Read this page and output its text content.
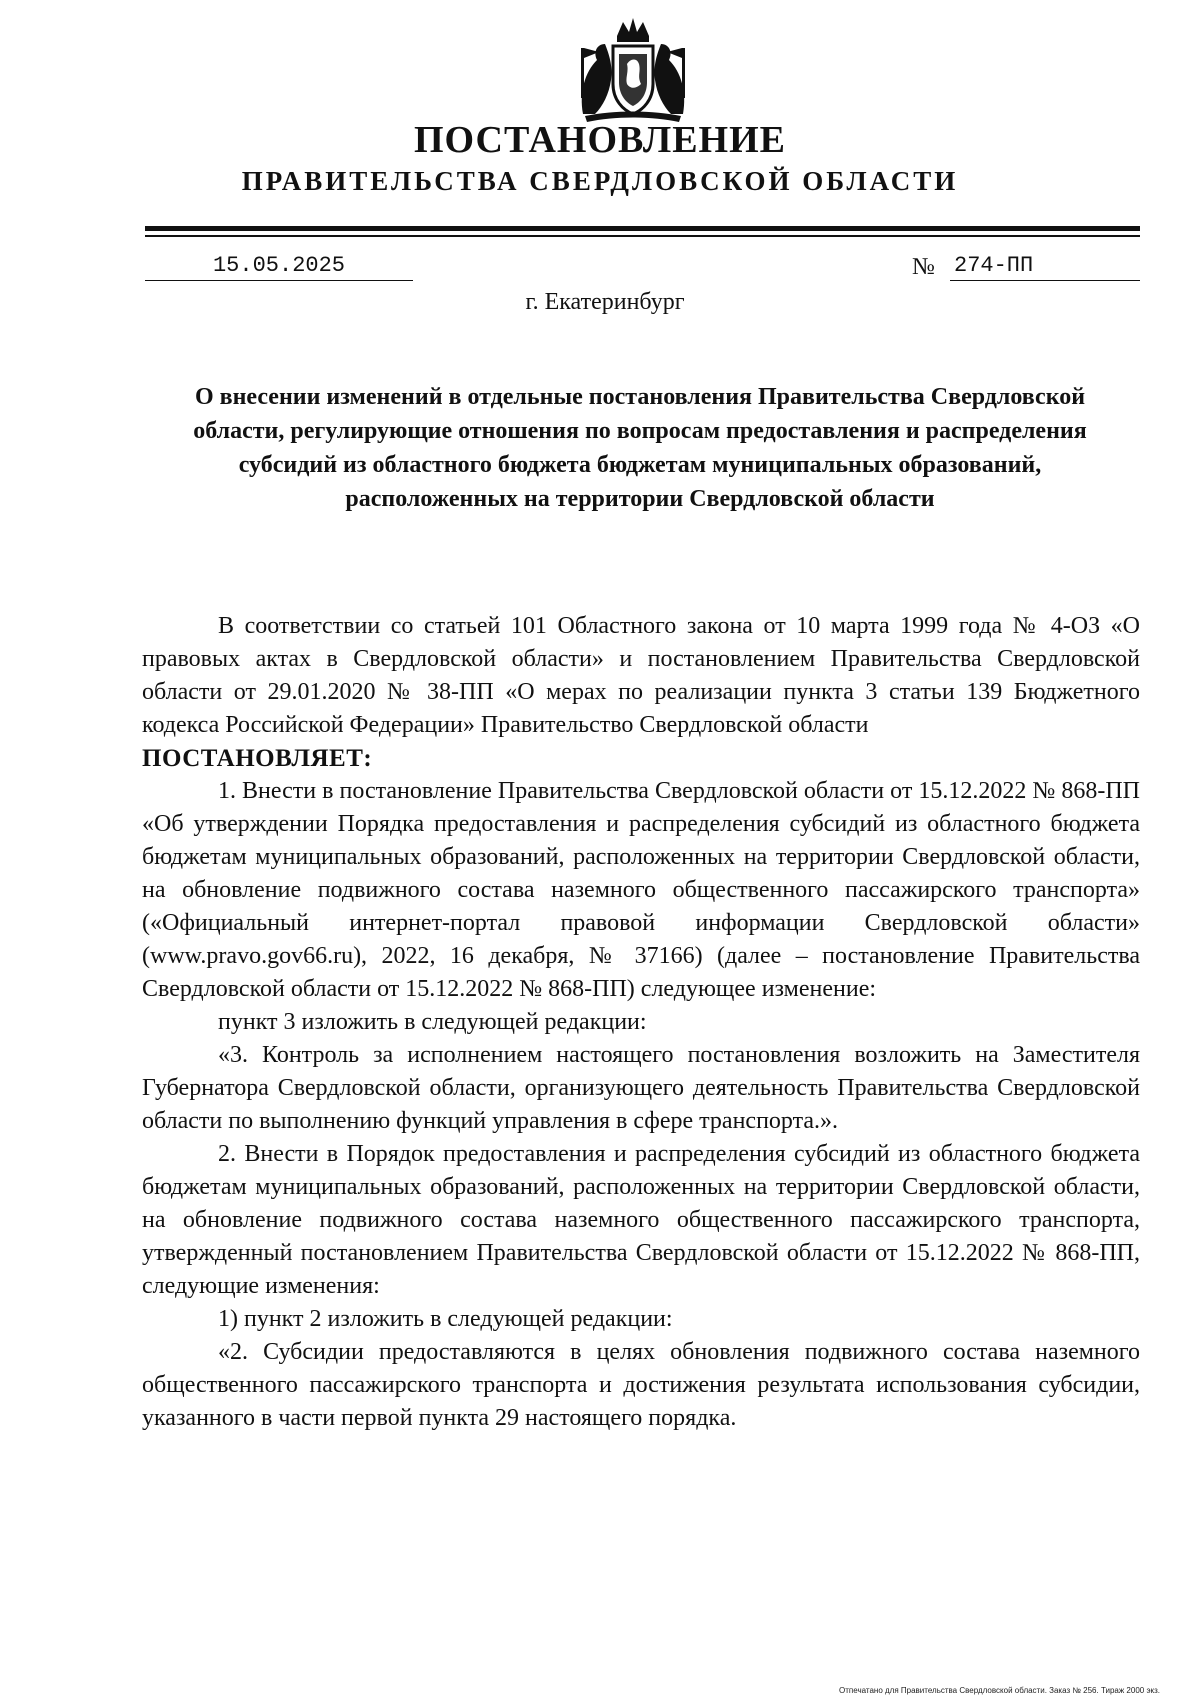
ПОСТАНОВЛЕНИЕ
ПРАВИТЕЛЬСТВА СВЕРДЛОВСКОЙ ОБЛАСТИ
15.05.2025	№ 274-ПП
г. Екатеринбург
О внесении изменений в отдельные постановления Правительства Свердловской области, регулирующие отношения по вопросам предоставления и распределения субсидий из областного бюджета бюджетам муниципальных образований, расположенных на территории Свердловской области

В соответствии со статьей 101 Областного закона от 10 марта 1999 года № 4-ОЗ «О правовых актах в Свердловской области» и постановлением Правительства Свердловской области от 29.01.2020 № 38-ПП «О мерах по реализации пункта 3 статьи 139 Бюджетного кодекса Российской Федерации» Правительство Свердловской области

ПОСТАНОВЛЯЕТ:

1. Внести в постановление Правительства Свердловской области от 15.12.2022 № 868-ПП «Об утверждении Порядка предоставления и распределения субсидий из областного бюджета бюджетам муниципальных образований, расположенных на территории Свердловской области, на обновление подвижного состава наземного общественного пассажирского транспорта» («Официальный интернет-портал правовой информации Свердловской области» (www.pravo.gov66.ru), 2022, 16 декабря, № 37166) (далее – постановление Правительства Свердловской области от 15.12.2022 № 868-ПП) следующее изменение:

пункт 3 изложить в следующей редакции:

«3. Контроль за исполнением настоящего постановления возложить на Заместителя Губернатора Свердловской области, организующего деятельность Правительства Свердловской области по выполнению функций управления в сфере транспорта.».

2. Внести в Порядок предоставления и распределения субсидий из областного бюджета бюджетам муниципальных образований, расположенных на территории Свердловской области, на обновление подвижного состава наземного общественного пассажирского транспорта, утвержденный постановлением Правительства Свердловской области от 15.12.2022 № 868-ПП, следующие изменения:

1) пункт 2 изложить в следующей редакции:

«2. Субсидии предоставляются в целях обновления подвижного состава наземного общественного пассажирского транспорта и достижения результата использования субсидии, указанного в части первой пункта 29 настоящего порядка.

Отпечатано для Правительства Свердловской области. Заказ № 256. Тираж 2000 экз.
